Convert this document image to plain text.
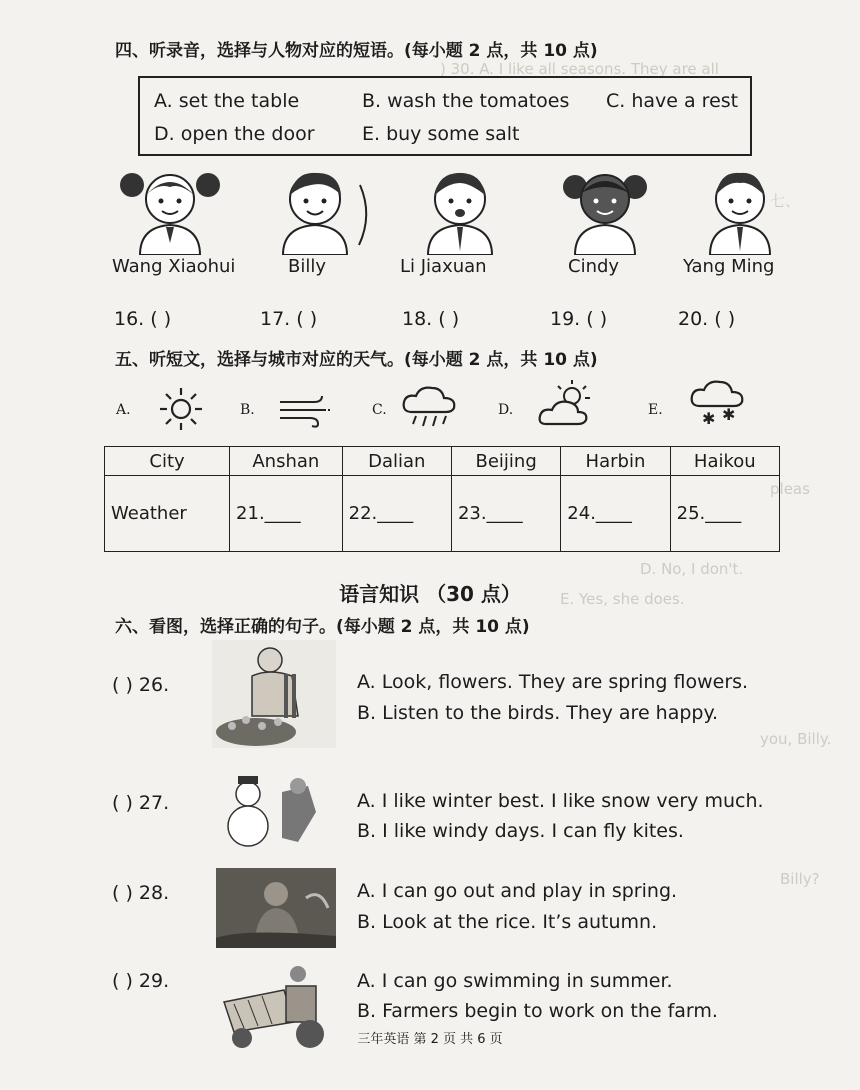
) 30. A. I like all seasons. They are all
七、
pleas
D. No, I don't.
E. Yes, she does.
you, Billy.
Billy?
四、听录音，选择与人物对应的短语。(每小题 2 点，共 10 点)
A. set the table	B. wash the tomatoes C. have a rest
D. open the door E. buy some salt
Wang Xiaohui	Billy	Li Jiaxuan	Cindy	Yang Ming
16. ( )	17. ( )	18. ( )	19. ( )	20. ( )
五、听短文，选择与城市对应的天气。(每小题 2 点，共 10 点)
A.	B.	C.	D.	E. ✱ ✱
City	Anshan	Dalian	Beijing	Harbin	Haikou
Weather	21.____	22.____	23.____	24.____	25.____
语言知识 （30 点）
六、看图，选择正确的句子。(每小题 2 点，共 10 点)
( ) 26.	A. Look, flowers. They are spring flowers.
B. Listen to the birds. They are happy.
( ) 27.	A. I like winter best. I like snow very much.
B. I like windy days. I can fly kites.
( ) 28.	A. I can go out and play in spring.
B. Look at the rice. It’s autumn.
( ) 29.	A. I can go swimming in summer.
B. Farmers begin to work on the farm.
三年英语 第 2 页 共 6 页
